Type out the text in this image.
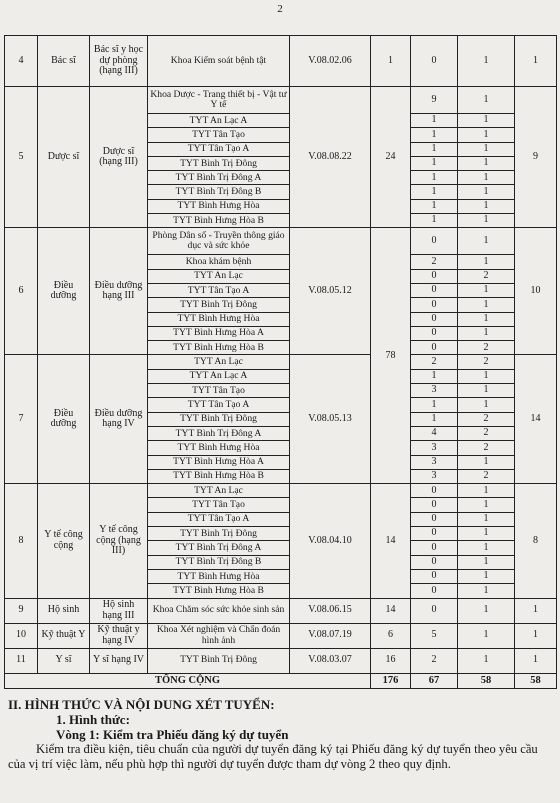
2
4	Bác sĩ	Bác sĩ y học dự phòng (hạng III)	Khoa Kiểm soát bệnh tật	V.08.02.06	1	0	1	1
5	Dược sĩ	Dược sĩ (hạng III)	Khoa Dược - Trang thiết bị - Vật tư Y tế	V.08.08.22	24	9	1	9
			TYT An Lạc A			1	1	
			TYT Tân Tạo			1	1	
			TYT Tân Tạo A			1	1	
			TYT Bình Trị Đông			1	1	
			TYT Bình Trị Đông A			1	1	
			TYT Bình Trị Đông B			1	1	
			TYT Bình Hưng Hòa			1	1	
			TYT Bình Hưng Hòa B			1	1	
6	Điều dưỡng	Điều dưỡng hạng III	Phòng Dân số - Truyền thông giáo dục và sức khỏe	V.08.05.12	78	0	1	10
			Khoa khám bệnh			2	1	
			TYT An Lạc			0	2	
			TYT Tân Tạo A			0	1	
			TYT Bình Trị Đông			0	1	
			TYT Bình Hưng Hòa			0	1	
			TYT Bình Hưng Hòa A			0	1	
			TYT Bình Hưng Hòa B			0	2	
7	Điều dưỡng	Điều dưỡng hạng IV	TYT An Lạc	V.08.05.13		2	2	14
			TYT An Lạc A			1	1	
			TYT Tân Tạo			3	1	
			TYT Tân Tạo A			1	1	
			TYT Bình Trị Đông			1	2	
			TYT Bình Trị Đông A			4	2	
			TYT Bình Hưng Hòa			3	2	
			TYT Bình Hưng Hòa A			3	1	
			TYT Bình Hưng Hòa B			3	2	
8	Y tế công cộng	Y tế công cộng (hạng III)	TYT An Lạc	V.08.04.10	14	0	1	8
			TYT Tân Tạo			0	1	
			TYT Tân Tạo A			0	1	
			TYT Bình Trị Đông			0	1	
			TYT Bình Trị Đông A			0	1	
			TYT Bình Trị Đông B			0	1	
			TYT Bình Hưng Hòa			0	1	
			TYT Bình Hưng Hòa B			0	1	
9	Hộ sinh	Hộ sinh hạng III	Khoa Chăm sóc sức khỏe sinh sản	V.08.06.15	14	0	1	1
10	Kỹ thuật Y	Kỹ thuật y hạng IV	Khoa Xét nghiệm và Chẩn đoán hình ảnh	V.08.07.19	6	5	1	1
11	Y sĩ	Y sĩ hạng IV	TYT Bình Trị Đông	V.08.03.07	16	2	1	1
TỔNG CỘNG					176	67	58	58
II. HÌNH THỨC VÀ NỘI DUNG XÉT TUYỂN:
1. Hình thức:
Vòng 1: Kiểm tra Phiếu đăng ký dự tuyển
Kiểm tra điều kiện, tiêu chuẩn của người dự tuyển đăng ký tại Phiếu đăng ký dự tuyển theo yêu cầu của vị trí việc làm, nếu phù hợp thì người dự tuyển được tham dự vòng 2 theo quy định.
